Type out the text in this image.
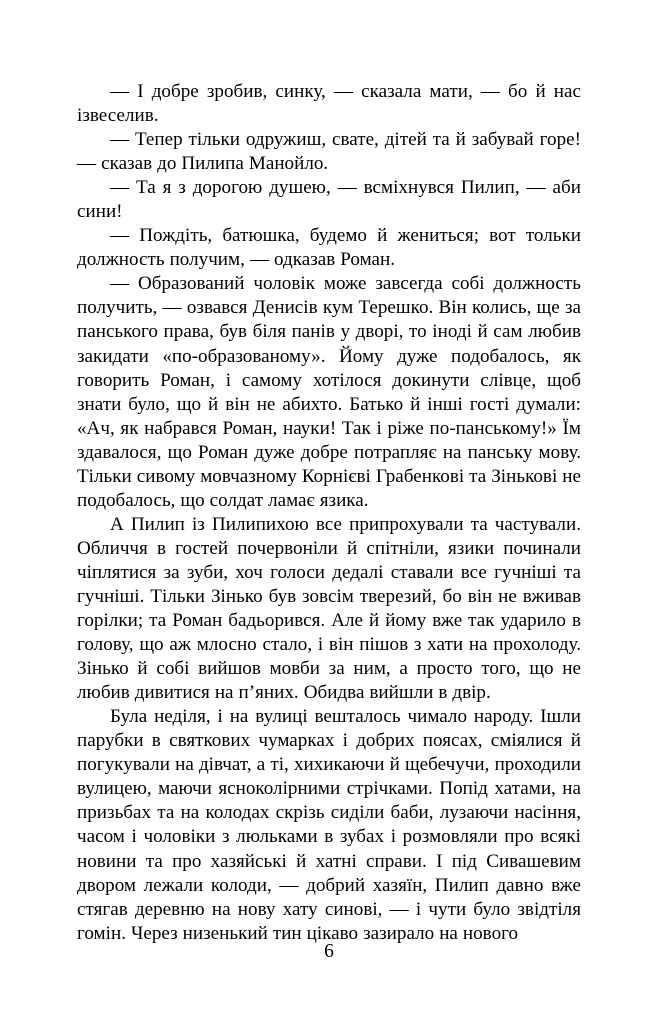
— І добре зробив, синку, — сказала мати, — бо й нас ізвеселив.

— Тепер тільки одружиш, свате, дітей та й забувай горе! — сказав до Пилипа Манойло.

— Та я з дорогою душею, — всміхнувся Пилип, — аби сини!

— Пождіть, батюшка, будемо й жениться; вот тольки должность получим, — одказав Роман.

— Образований чоловік може завсегда собі должность получить, — озвався Денисів кум Терешко. Він колись, ще за панського права, був біля панів у дворі, то іноді й сам любив закидати «по-образованому». Йому дуже подобалось, як говорить Роман, і самому хотілося докинути слівце, щоб знати було, що й він не абихто. Батько й інші гості думали: «Ач, як набрався Роман, науки! Так і ріже по-панському!» Їм здавалося, що Роман дуже добре потрапляє на панську мову. Тільки сивому мовчазному Корнієві Грабенкові та Зіньковi не подобалось, що солдат ламає язика.

А Пилип із Пилипихою все припрохували та частували. Обличчя в гостей почервоніли й спітніли, язики починали чіплятися за зуби, хоч голоси дедалі ставали все гучніші та гучніші. Тільки Зінько був зовсім тверезий, бо він не вживав горілки; та Роман бадьорився. Але й йому вже так ударило в голову, що аж млосно стало, і він пішов з хати на прохолоду. Зінько й собі вийшов мовби за ним, а просто того, що не любив дивитися на п’яних. Обидва вийшли в двір.

Була неділя, і на вулиці вешталось чимало народу. Ішли парубки в святкових чумарках і добрих поясах, сміялися й погукували на дівчат, а ті, хихикаючи й щебечучи, проходили вулицею, маючи ясноколірними стрічками. Попід хатами, на призьбах та на колодах скрізь сиділи баби, лузаючи насіння, часом і чоловіки з люльками в зубах і розмовляли про всякі новини та про хазяйські й хатні справи. І під Сивашевим двором лежали колоди, — добрий хазяїн, Пилип давно вже стягав деревню на нову хату синові, — і чути було звідтіля гомін. Через низенький тин цікаво зазирало на нового

6
